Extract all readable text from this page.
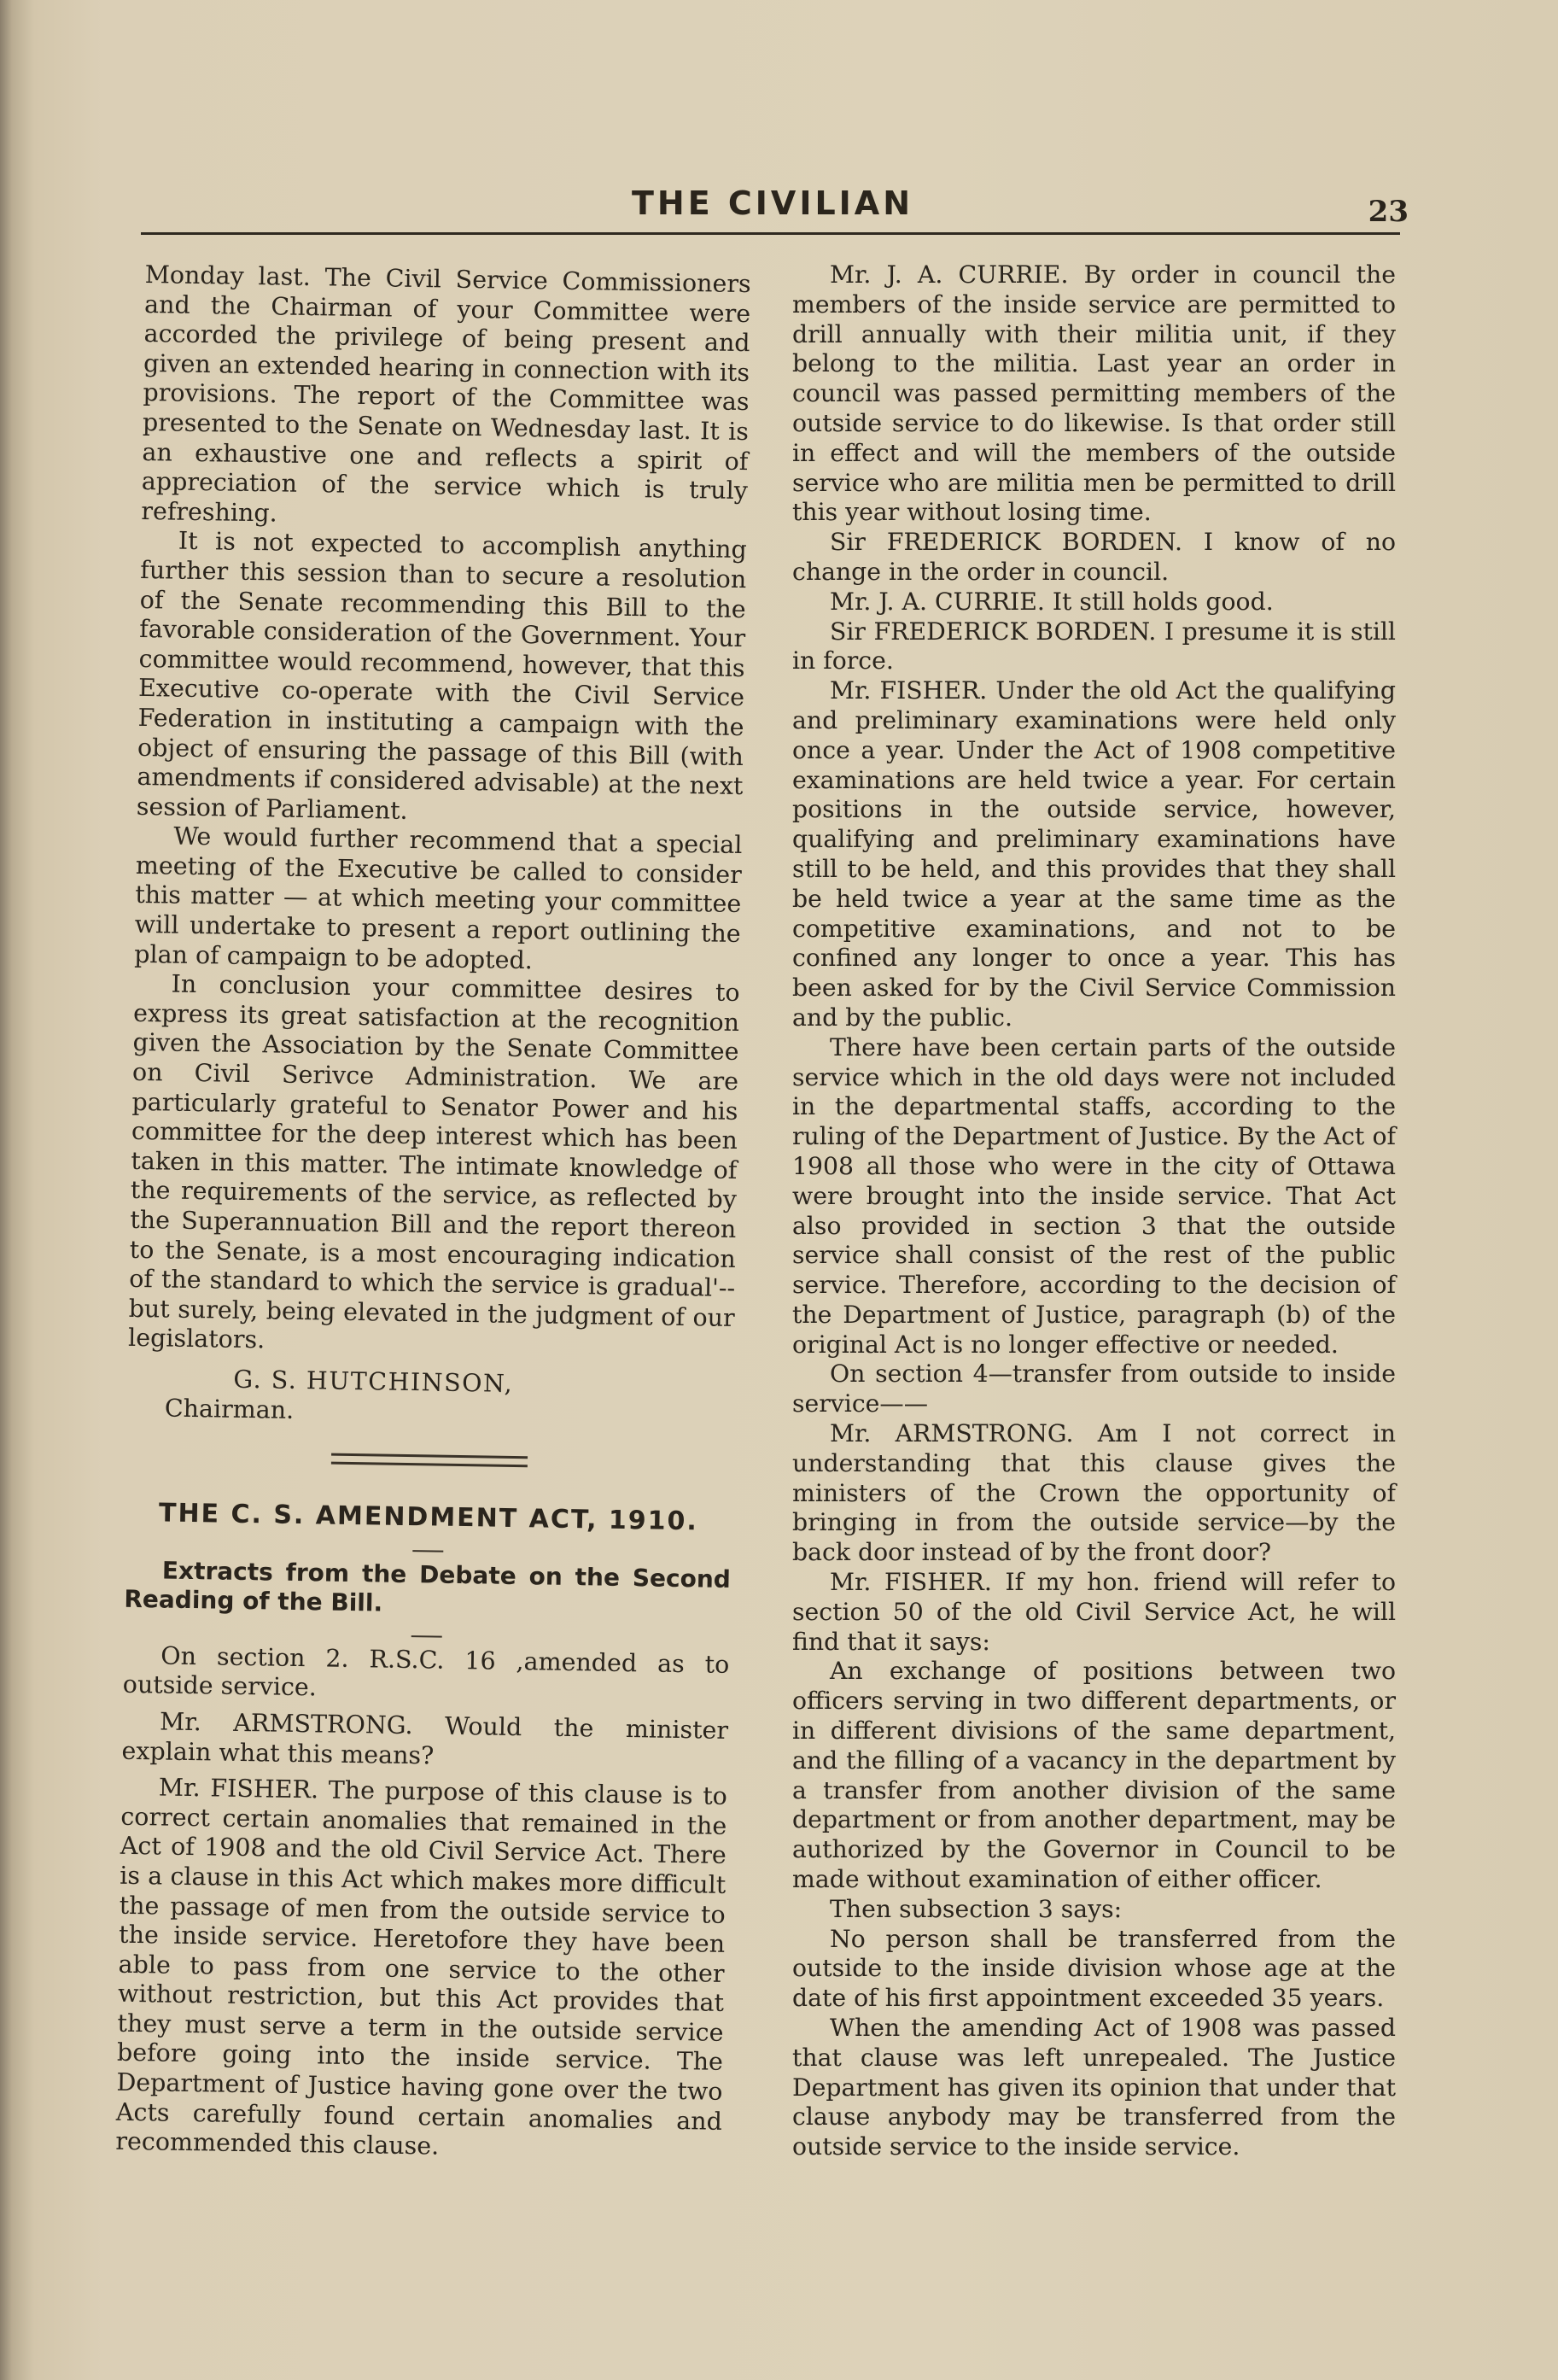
THE CIVILIAN	23

Monday last. The Civil Service Commissioners and the Chairman of your Committee were accorded the privilege of being present and given an extended hearing in connection with its provisions. The report of the Committee was presented to the Senate on Wednesday last. It is an exhaustive one and reflects a spirit of appreciation of the service which is truly refreshing.

It is not expected to accomplish anything further this session than to secure a resolution of the Senate recommending this Bill to the favorable consideration of the Government. Your committee would recommend, however, that this Executive co-operate with the Civil Service Federation in instituting a campaign with the object of ensuring the passage of this Bill (with amendments if considered advisable) at the next session of Parliament.

We would further recommend that a special meeting of the Executive be called to consider this matter — at which meeting your committee will undertake to present a report outlining the plan of campaign to be adopted.

In conclusion your committee desires to express its great satisfaction at the recognition given the Association by the Senate Committee on Civil Serivce Administration. We are particularly grateful to Senator Power and his committee for the deep interest which has been taken in this matter. The intimate knowledge of the requirements of the service, as reflected by the Superannuation Bill and the report thereon to the Senate, is a most encouraging indication of the standard to which the service is gradual'-- but surely, being elevated in the judgment of our legislators.

G. S. HUTCHINSON,

Chairman.

THE C. S. AMENDMENT ACT, 1910.

Extracts from the Debate on the Second Reading of the Bill.

On section 2. R.S.C. 16 ,amended as to outside service.

Mr. ARMSTRONG. Would the minister explain what this means?

Mr. FISHER. The purpose of this clause is to correct certain anomalies that remained in the Act of 1908 and the old Civil Service Act. There is a clause in this Act which makes more difficult the passage of men from the outside service to the inside service. Heretofore they have been able to pass from one service to the other without restriction, but this Act provides that they must serve a term in the outside service before going into the inside service. The Department of Justice having gone over the two Acts carefully found certain anomalies and recommended this clause.

Mr. J. A. CURRIE. By order in council the members of the inside service are permitted to drill annually with their militia unit, if they belong to the militia. Last year an order in council was passed permitting members of the outside service to do likewise. Is that order still in effect and will the members of the outside service who are militia men be permitted to drill this year without losing time.

Sir FREDERICK BORDEN. I know of no change in the order in council.

Mr. J. A. CURRIE. It still holds good.

Sir FREDERICK BORDEN. I presume it is still in force.

Mr. FISHER. Under the old Act the qualifying and preliminary examinations were held only once a year. Under the Act of 1908 competitive examinations are held twice a year. For certain positions in the outside service, however, qualifying and preliminary examinations have still to be held, and this provides that they shall be held twice a year at the same time as the competitive examinations, and not to be confined any longer to once a year. This has been asked for by the Civil Service Commission and by the public.

There have been certain parts of the outside service which in the old days were not included in the departmental staffs, according to the ruling of the Department of Justice. By the Act of 1908 all those who were in the city of Ottawa were brought into the inside service. That Act also provided in section 3 that the outside service shall consist of the rest of the public service. Therefore, according to the decision of the Department of Justice, paragraph (b) of the original Act is no longer effective or needed.

On section 4—transfer from outside to inside service——

Mr. ARMSTRONG. Am I not correct in understanding that this clause gives the ministers of the Crown the opportunity of bringing in from the outside service—by the back door instead of by the front door?

Mr. FISHER. If my hon. friend will refer to section 50 of the old Civil Service Act, he will find that it says:

An exchange of positions between two officers serving in two different departments, or in different divisions of the same department, and the filling of a vacancy in the department by a transfer from another division of the same department or from another department, may be authorized by the Governor in Council to be made without examination of either officer.

Then subsection 3 says:

No person shall be transferred from the outside to the inside division whose age at the date of his first appointment exceeded 35 years.

When the amending Act of 1908 was passed that clause was left unrepealed. The Justice Department has given its opinion that under that clause anybody may be transferred from the outside service to the inside service.
